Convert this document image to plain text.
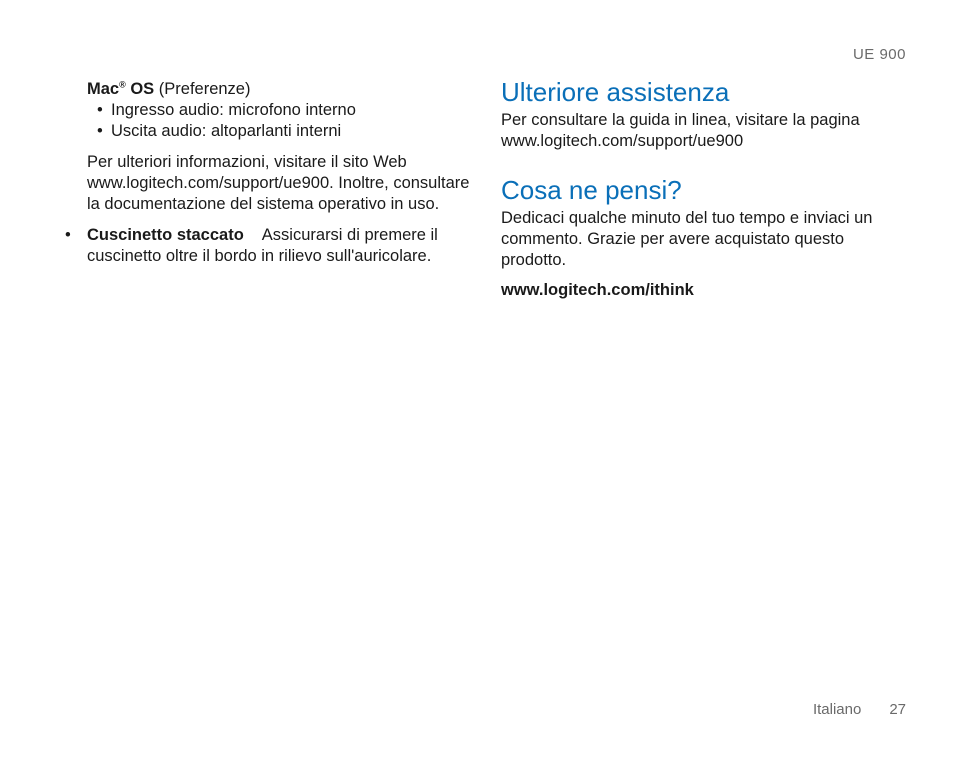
UE 900
Mac® OS (Preferenze)
• Ingresso audio: microfono interno
• Uscita audio: altoparlanti interni

Per ulteriori informazioni, visitare il sito Web www.logitech.com/support/ue900. Inoltre, consultare la documentazione del sistema operativo in uso.

• Cuscinetto staccato Assicurarsi di premere il cuscinetto oltre il bordo in rilievo sull'auricolare.
Ulteriore assistenza

Per consultare la guida in linea, visitare la pagina www.logitech.com/support/ue900

Cosa ne pensi?

Dedicaci qualche minuto del tuo tempo e inviaci un commento. Grazie per avere acquistato questo prodotto.

www.logitech.com/ithink

Italiano 27
